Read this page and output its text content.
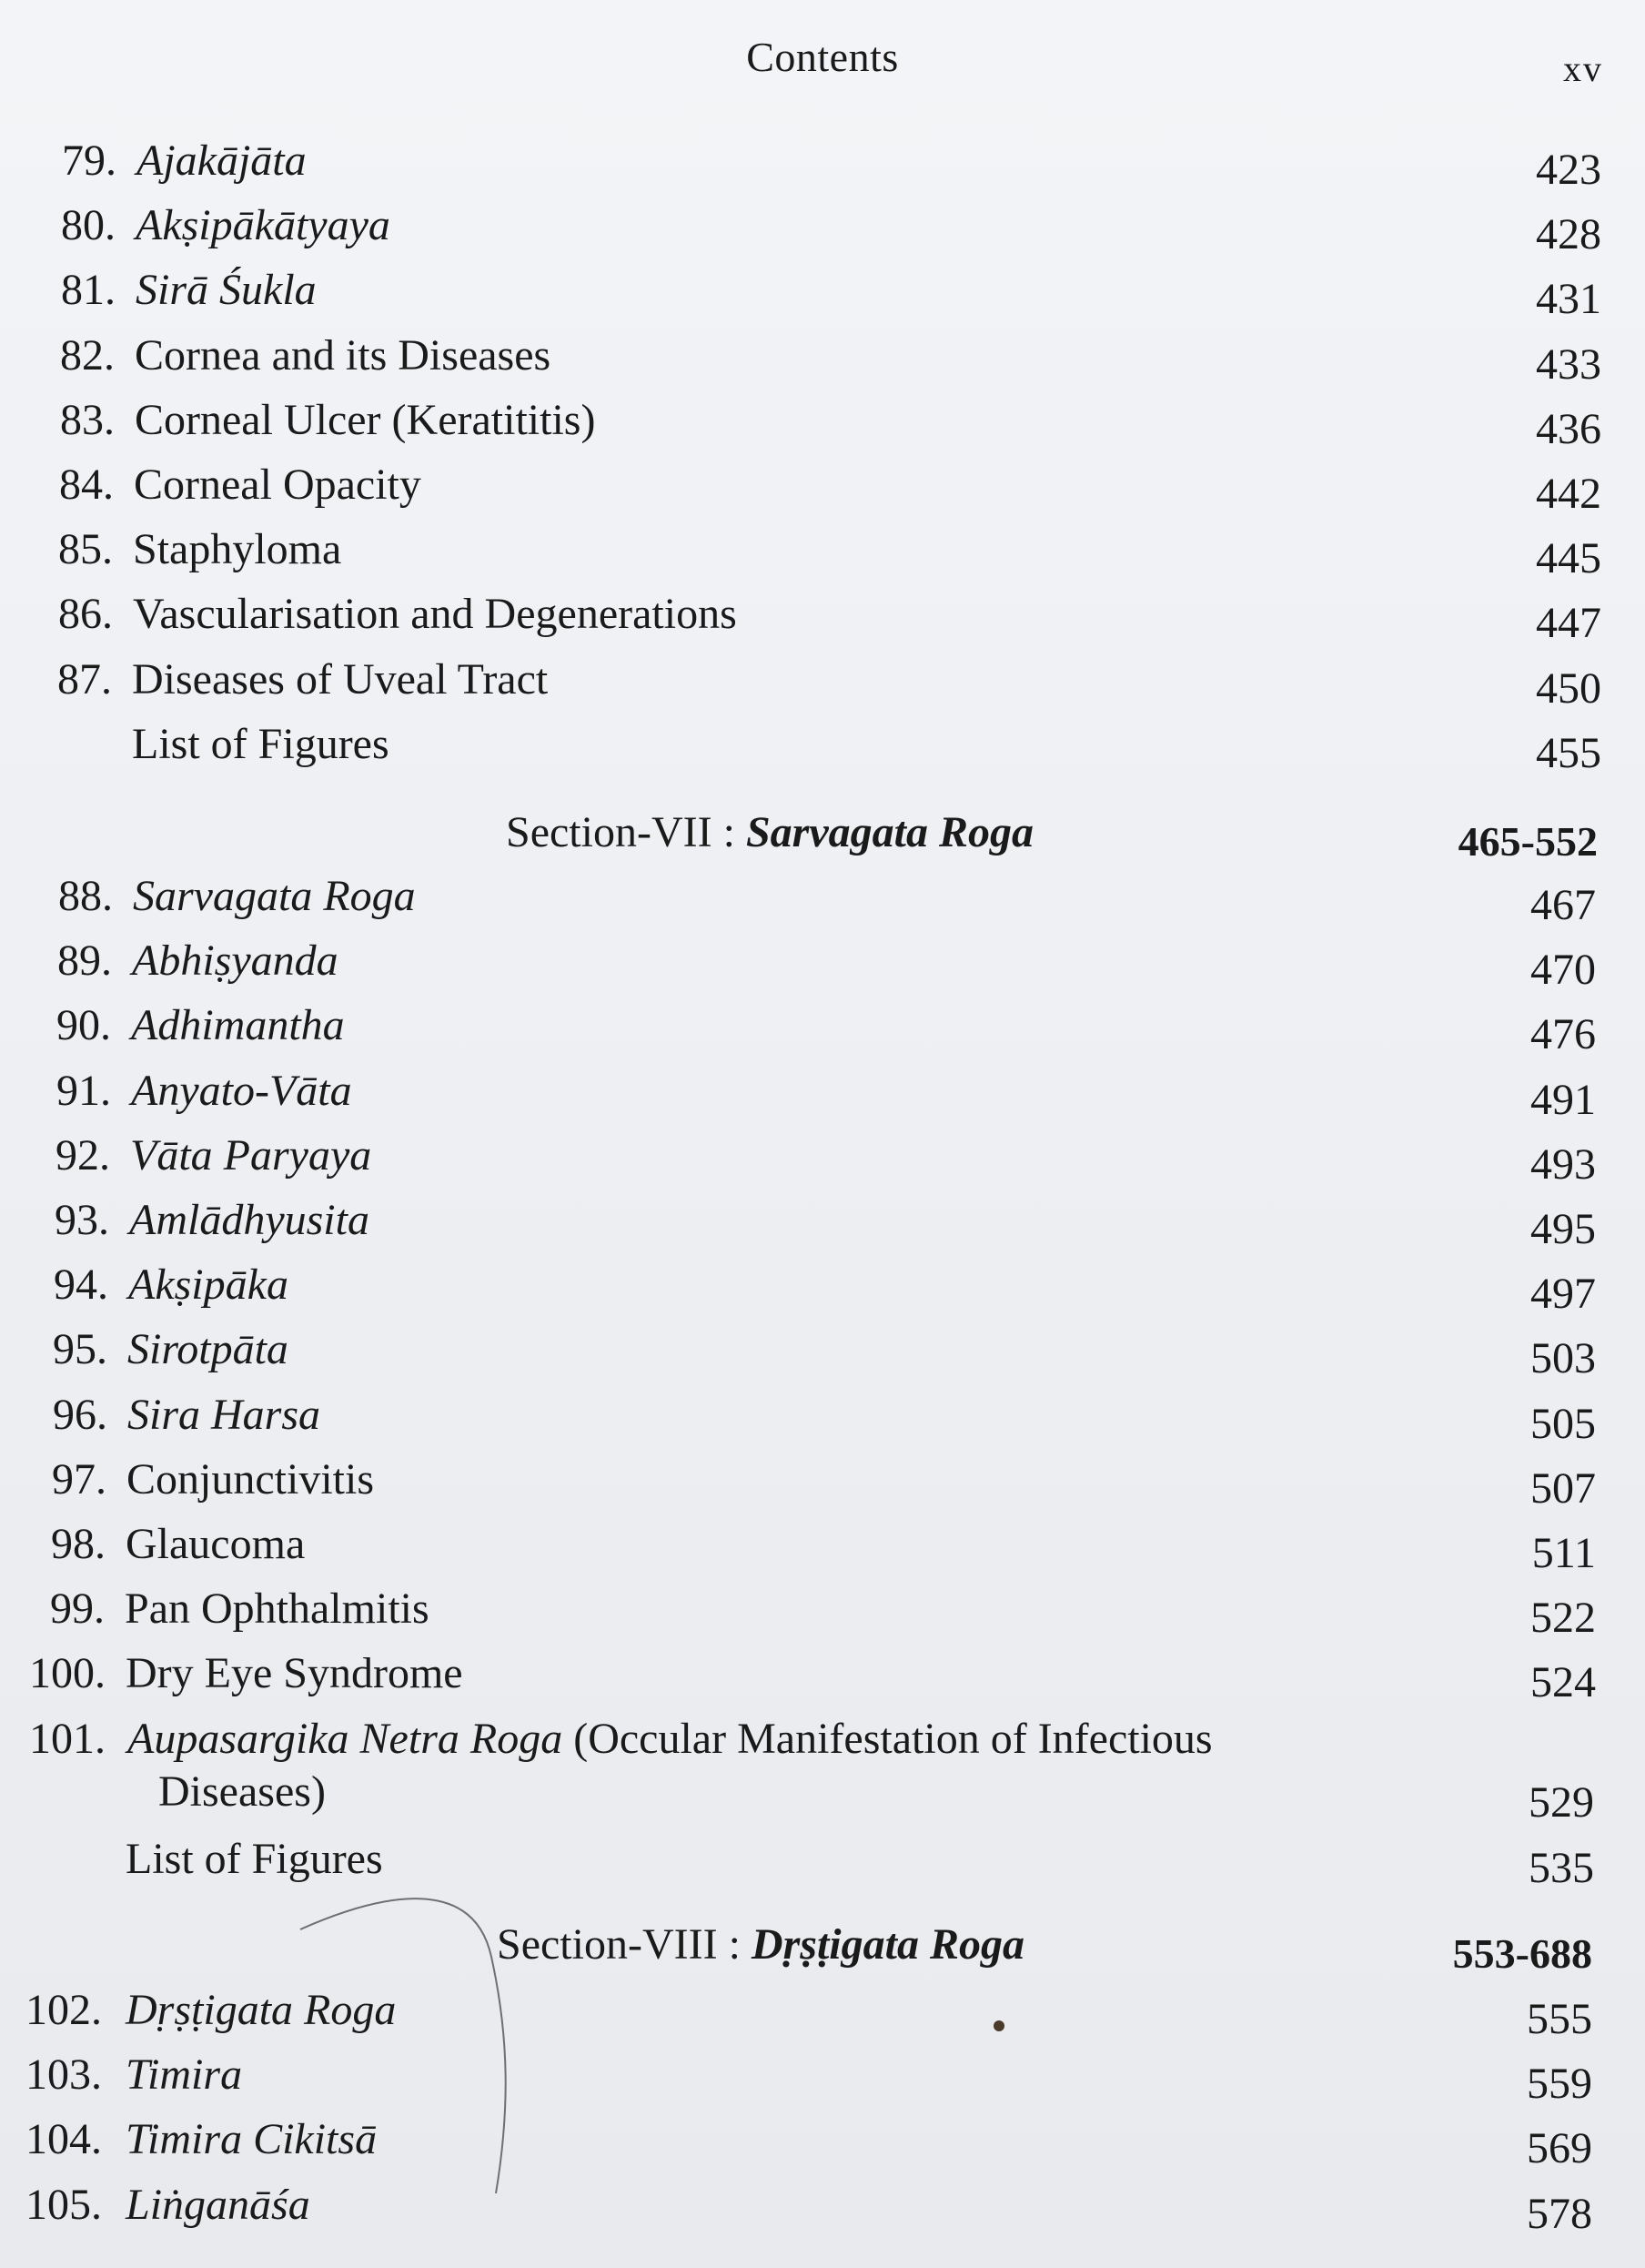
Contents	xv
79. Ajakājāta	423
80. Akṣipākātyaya	428
81. Sirā Śukla	431
82. Cornea and its Diseases	433
83. Corneal Ulcer (Keratititis)	436
84. Corneal Opacity	442
85. Staphyloma	445
86. Vascularisation and Degenerations	447
87. Diseases of Uveal Tract	450
List of Figures	455
Section-VII : Sarvagata Roga	465-552
88. Sarvagata Roga	467
89. Abhiṣyanda	470
90. Adhimantha	476
91. Anyato-Vāta	491
92. Vāta Paryaya	493
93. Amlādhyusita	495
94. Akṣipāka	497
95. Sirotpāta	503
96. Sira Harsa	505
97. Conjunctivitis	507
98. Glaucoma	511
99. Pan Ophthalmitis	522
100. Dry Eye Syndrome	524
101. Aupasargika Netra Roga (Occular Manifestation of Infectious
Diseases)	529
List of Figures	535
Section-VIII : Dṛṣṭigata Roga	553-688
102. Dṛṣṭigata Roga	555
103. Timira	559
104. Timira Cikitsā	569
105. Liṅganāśa	578
